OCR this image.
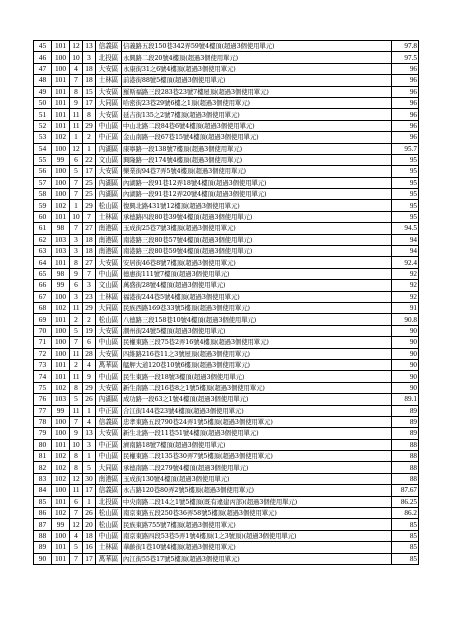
45	101	12	13	信義區	信義路五段150巷342弄59號4樓頂(超過3個使用單元)	97.8
46	100	10	3	北投區	永興路二段20號4樓頂(超過3個使用單元)	97.5
47	100	4	18	大安區	永康街31之6號4樓頂(超過3個使用單元)	96
48	101	7	18	士林區	前港街88號5樓頂(超過3個使用單元)	96
49	101	8	15	大安區	羅斯福路三段283巷23號7樓屋頂(超過3個使用單元)	96
50	101	9	17	大同區	哈密街23巷29號6樓之1頂(超過3個使用單元)	96
51	101	11	8	大安區	延吉街135之2號7樓頂(超過3個使用單元)	96
52	101	11	29	中山區	中山北路二段84巷6號4樓頂(超過3個使用單元)	96
53	102	1	2	中正區	金山南路一段67巷15號4樓頂(超過3個使用單元)	96
54	100	12	1	內湖區	康寧路一段138號7樓頂(超過3個使用單元)	95.7
55	99	6	22	文山區	興隆路一段174號4樓頂(超過3個使用單元)	95
56	100	5	17	大安區	樂業街94巷7弄5號4樓頂(超過3個使用單元)	95
57	100	7	25	內湖區	內湖路一段91巷12弄18號4樓頂(超過3個使用單元)	95
58	100	7	25	內湖區	內湖路一段91巷12弄20號4樓頂(超過3個使用單元)	95
59	102	1	29	松山區	復興北路431號12樓頂(超過3個使用單元)	95
60	101	10	7	士林區	承德路四段80巷39號4樓頂(超過3個使用單元)	95
61	98	7	27	南港區	玉成街25巷7號3樓頂(超過3個使用單元)	94.5
62	103	3	18	南港區	南港路三段80巷57號4樓頂(超過3個使用單元)	94
63	103	3	18	南港區	南港路三段80巷59號4樓頂(超過3個使用單元)	94
64	101	8	27	大安區	安居街46巷8號7樓頂(超過3個使用單元)	92.4
65	98	9	7	中山區	德惠街111號7樓頂(超過3個使用單元)	92
66	99	6	3	文山區	萬盛街28號4樓頂(超過3個使用單元)	92
67	100	3	23	士林區	福港街244巷5號4樓頂(超過3個使用單元)	92
68	102	11	29	大同區	民族西路169巷33號5樓頂(超過3個使用單元)	91
69	101	2	2	松山區	八德路三段158巷10號4樓頂(超過3個使用單元)	90.8
70	100	5	19	大安區	潮州街24號5樓頂(超過3個使用單元)	90
71	100	7	6	中山區	民權東路三段75巷2弄16號4樓頂(超過3個使用單元)	90
72	100	11	28	大安區	四維路216巷11之3號屋頂(超過3個使用單元)	90
73	101	2	4	萬華區	艋舺大道120巷10號6樓頂(超過3個使用單元)	90
74	101	11	9	中山區	民生東路一段18號3樓頂(超過3個使用單元)	90
75	102	8	29	大安區	新生南路二段16巷8之1號5樓頂(超過3個使用單元)	90
76	103	5	26	內湖區	成功路一段63之1號4樓頂(超過3個使用單元)	89.1
77	99	11	1	中正區	合江街144巷23號4樓頂(超過3個使用單元)	89
78	100	7	4	信義區	忠孝東路五段790巷24弄1號5樓頂(超過3個使用單元)	89
79	100	9	13	大安區	新生北路一段11巷51號4樓頂(超過3個使用單元)	89
80	101	10	3	中正區	濟南路18號7樓頂(超過3個使用單元)	88
81	102	8	1	中山區	民權東路二段135巷30弄7號5樓頂(超過3個使用單元)	88
82	102	8	5	大同區	承德南路二段279號4樓頂(超過3個使用單元)	88
83	102	12	30	南港區	玉成街130號4樓頂(超過3個使用單元)	88
84	100	11	17	信義區	永吉路120巷80弄2號5樓頂(超過3個使用單元)	87.67
85	101	6	1	北投區	中央南路二段14之1號5樓頂(既有違建丙部)(超過3個使用單元)	86.25
86	102	7	26	松山區	南京東路五段250巷36弄58號5樓頂(超過3個使用單元)	86.2
87	99	12	20	松山區	民族東路755號7樓頂(超過3個使用單元)	85
88	100	4	18	中山區	南京東路四段53巷5弄1號4樓頂(1之3號頂)(超過3個使用單元)	85
89	101	5	16	士林區	華齡街1巷10號4樓頂(超過3個使用單元)	85
90	101	7	17	萬華區	內江街55巷17號5樓頂(超過3個使用單元)	85
